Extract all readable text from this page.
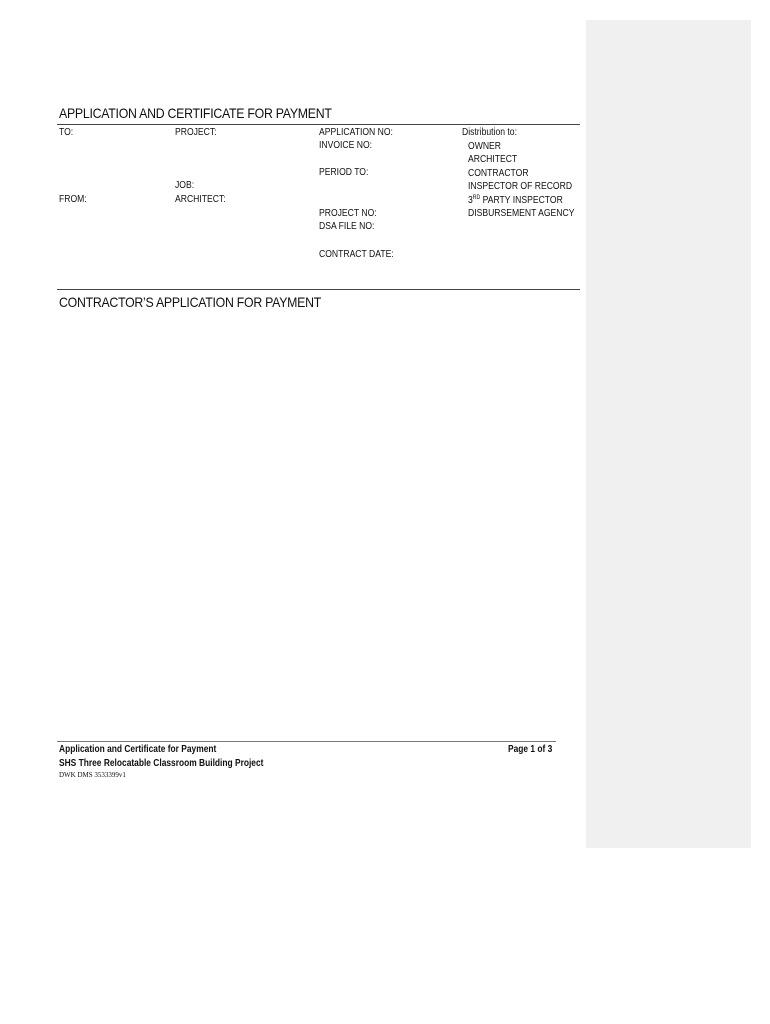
APPLICATION AND CERTIFICATE FOR PAYMENT
TO:
FROM:
PROJECT:
JOB:
ARCHITECT:
APPLICATION NO:
INVOICE NO:
PERIOD TO:
PROJECT NO:
DSA FILE NO:
CONTRACT DATE:
Distribution to:
OWNER
ARCHITECT
CONTRACTOR
INSPECTOR OF RECORD
3RD PARTY INSPECTOR
DISBURSEMENT AGENCY
CONTRACTOR’S APPLICATION FOR PAYMENT
Application and Certificate for Payment	Page 1 of 3
SHS Three Relocatable Classroom Building Project
DWK DMS 3533399v1
